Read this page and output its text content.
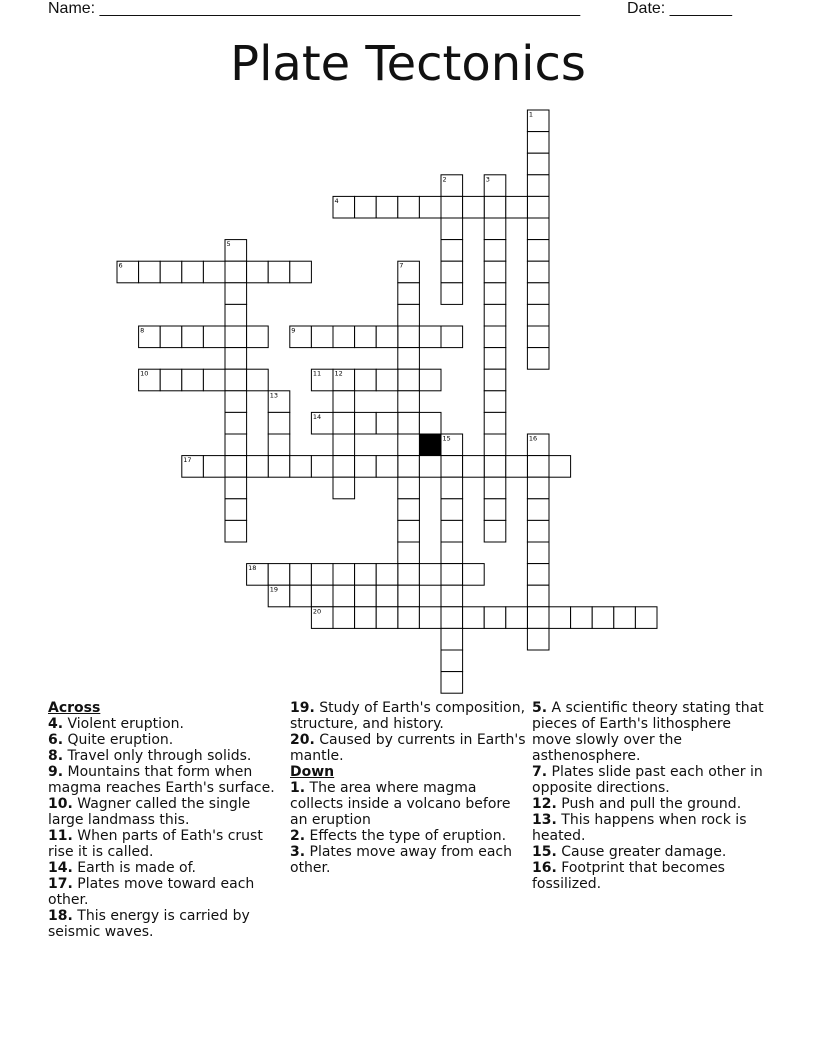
Name: ______________________________________________________	Date: _______
Plate Tectonics
1
2	3
4
5
6	7
8	9
10	11 12
13
14
15	16
17
18
19
20
Across
4. Violent eruption.
6. Quite eruption.
8. Travel only through solids.
9. Mountains that form when magma reaches Earth's surface.
10. Wagner called the single large landmass this.
11. When parts of Eath's crust rise it is called.
14. Earth is made of.
17. Plates move toward each other.
18. This energy is carried by seismic waves.
19. Study of Earth's composition, structure, and history.
20. Caused by currents in Earth's mantle.
Down
1. The area where magma collects inside a volcano before an eruption
2. Effects the type of eruption.
3. Plates move away from each other.
5. A scientific theory stating that pieces of Earth's lithosphere move slowly over the asthenosphere.
7. Plates slide past each other in opposite directions.
12. Push and pull the ground.
13. This happens when rock is heated.
15. Cause greater damage.
16. Footprint that becomes fossilized.
